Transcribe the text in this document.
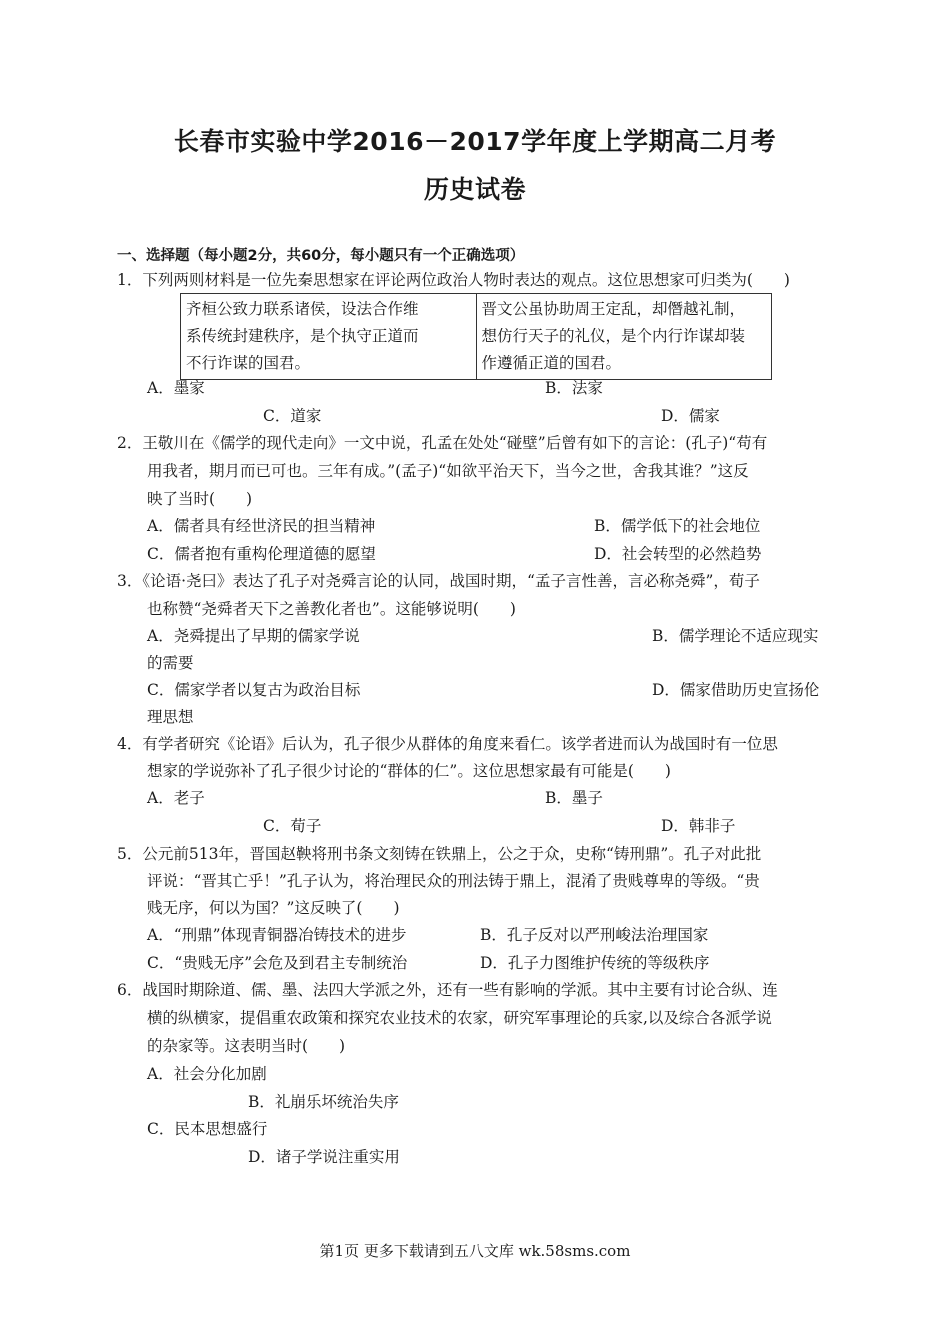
长春市实验中学2016－2017学年度上学期高二月考
历史试卷
一、选择题（每小题2分，共60分，每小题只有一个正确选项）
1．下列两则材料是一位先秦思想家在评论两位政治人物时表达的观点。这位思想家可归类为(　　)
齐桓公致力联系诸侯，设法合作维
系传统封建秩序，是个执守正道而
不行诈谋的国君。

晋文公虽协助周王定乱，却僭越礼制，
想仿行天子的礼仪，是个内行诈谋却装
作遵循正道的国君。
A．墨家	B．法家
C．道家	D．儒家
2．王敬川在《儒学的现代走向》一文中说，孔孟在处处“碰壁”后曾有如下的言论：(孔子)“苟有
用我者，期月而已可也。三年有成。”(孟子)“如欲平治天下，当今之世，舍我其谁？”这反
映了当时(　　)
A．儒者具有经世济民的担当精神	B．儒学低下的社会地位
C．儒者抱有重构伦理道德的愿望	D．社会转型的必然趋势
3．《论语·尧曰》表达了孔子对尧舜言论的认同，战国时期，“孟子言性善，言必称尧舜”，荀子
也称赞“尧舜者天下之善教化者也”。这能够说明(　　)
A．尧舜提出了早期的儒家学说	B．儒学理论不适应现实
的需要
C．儒家学者以复古为政治目标	D．儒家借助历史宣扬伦
理思想
4．有学者研究《论语》后认为，孔子很少从群体的角度来看仁。该学者进而认为战国时有一位思
想家的学说弥补了孔子很少讨论的“群体的仁”。这位思想家最有可能是(　　)
A．老子	B．墨子
C．荀子	D．韩非子
5．公元前513年，晋国赵鞅将刑书条文刻铸在铁鼎上，公之于众，史称“铸刑鼎”。孔子对此批
评说：“晋其亡乎！”孔子认为，将治理民众的刑法铸于鼎上，混淆了贵贱尊卑的等级。“贵
贱无序，何以为国？”这反映了(　　)
A．“刑鼎”体现青铜器冶铸技术的进步	B．孔子反对以严刑峻法治理国家
C．“贵贱无序”会危及到君主专制统治	D．孔子力图维护传统的等级秩序
6．战国时期除道、儒、墨、法四大学派之外，还有一些有影响的学派。其中主要有讨论合纵、连
横的纵横家，提倡重农政策和探究农业技术的农家，研究军事理论的兵家,以及综合各派学说
的杂家等。这表明当时(　　)
A．社会分化加剧
B．礼崩乐坏统治失序
C．民本思想盛行
D．诸子学说注重实用
第1页 更多下载请到五八文库 wk.58sms.com
